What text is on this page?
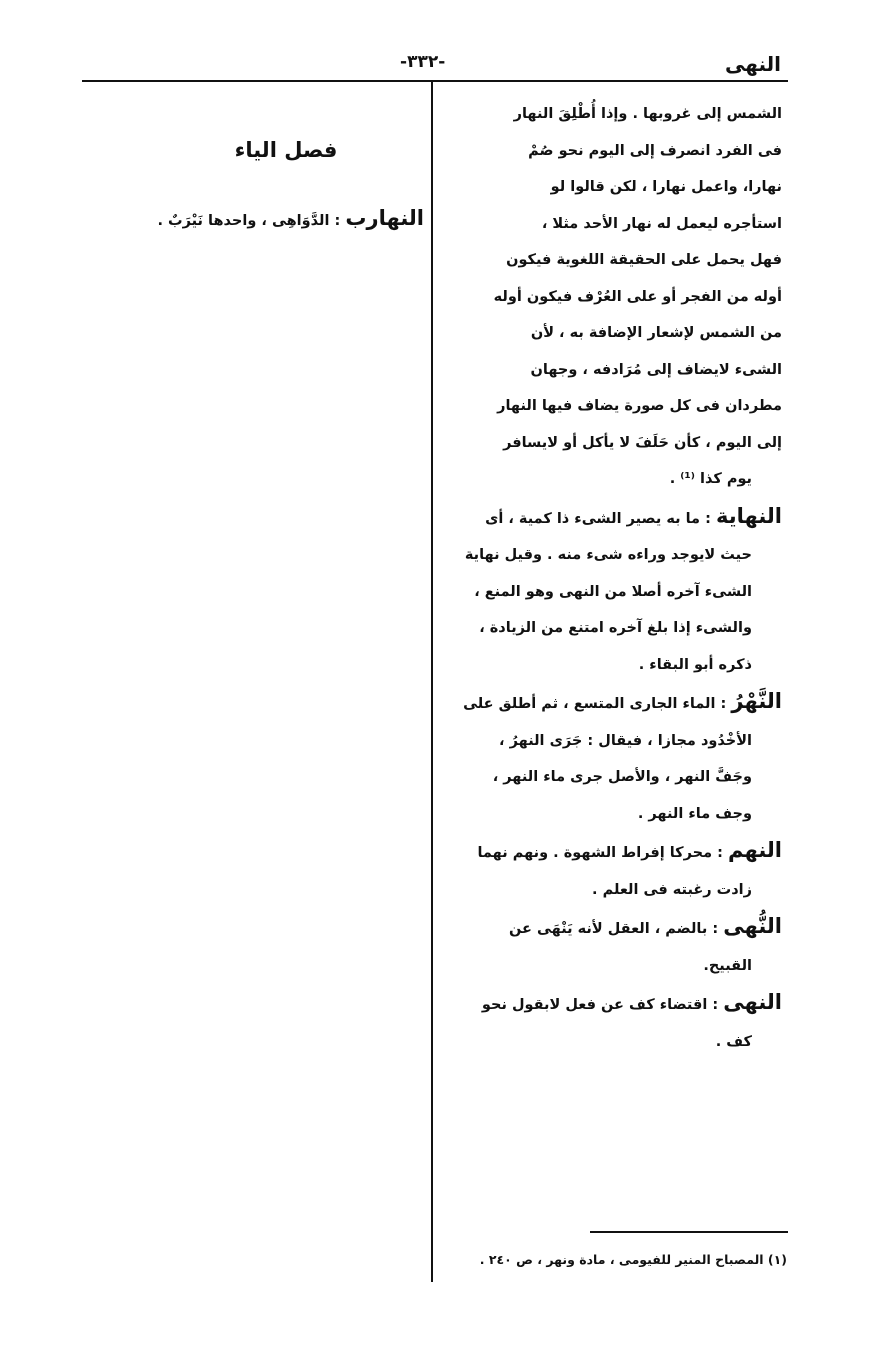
النهى
-٣٣٢-
الشمس إلى غروبها . وإذا أُطْلِقَ النهار
فى الفرد انصرف إلى اليوم نحو صُمْ
نهارا، واعمل نهارا ، لكن قالوا لو
استأجره ليعمل له نهار الأحد مثلا ،
فهل يحمل على الحقيقة اللغوية فيكون
أوله من الفجر أو على العُرْف فيكون أوله
من الشمس لإشعار الإضافة به ، لأن
الشىء لايضاف إلى مُرَادفه ، وجهان
مطردان فى كل صورة يضاف فيها النهار
إلى اليوم ، كأن حَلَفَ لا يأكل أو لايسافر
يوم كذا ⁽¹⁾ .
النهاية : ما به يصير الشىء ذا كمية ، أى
حيث لايوجد وراءه شىء منه . وقيل نهاية
الشىء آخره أصلا من النهى وهو المنع ،
والشىء إذا بلغ آخره امتنع من الزيادة ،
ذكره أبو البقاء .
النَّهْرُ : الماء الجارى المتسع ، ثم أطلق على
الأخْدُود مجازا ، فيقال : جَرَى النهرُ ،
وجَفَّ النهر ، والأصل جرى ماء النهر ،
وجف ماء النهر .
النهم : محركا إفراط الشهوة . ونهم نهما
زادت رغبته فى العلم .
النُّهى : بالضم ، العقل لأنه يَنْهَى عن
القبيح.
النهى : اقتضاء كف عن فعل لابقول نحو
كف .
فصل الياء
النهارب : الدَّوَاهِى ، واحدها نَيْرَبٌ .
(١) المصباح المنير للفيومى ، مادة ونهر ، ص ٢٤٠ .
